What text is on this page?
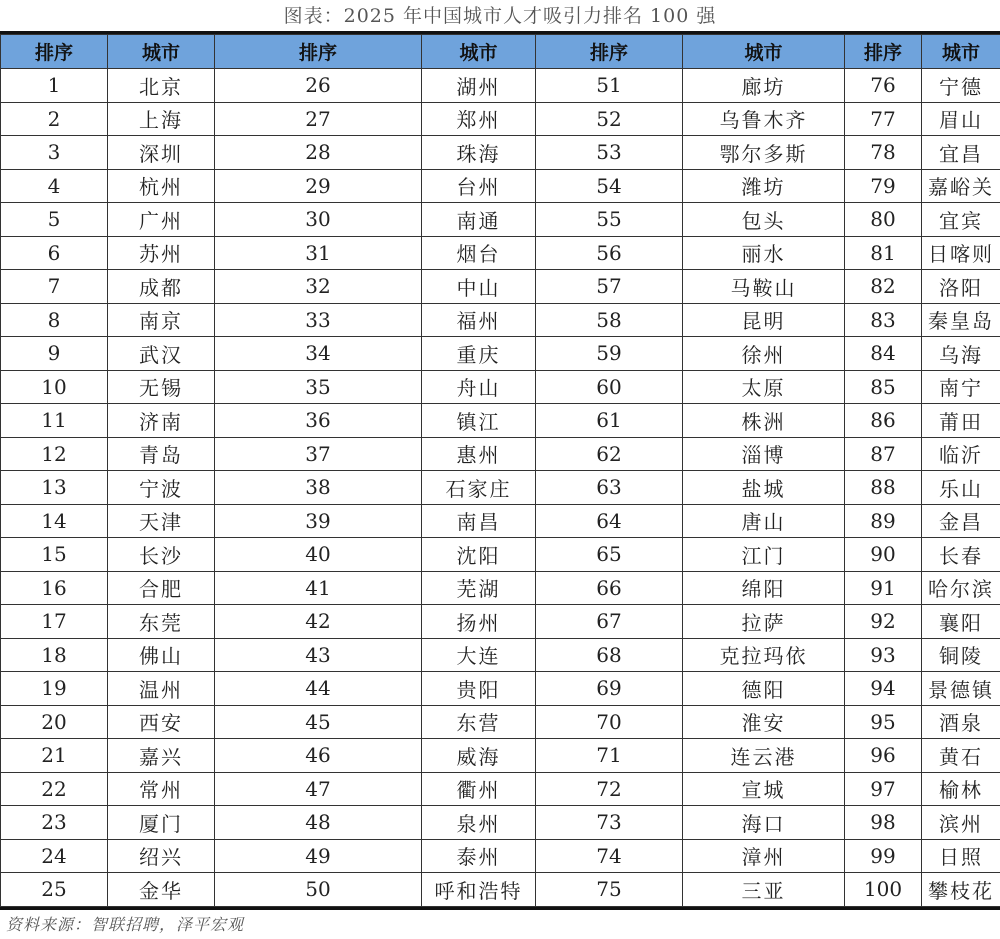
图表：2025 年中国城市人才吸引力排名 100 强
排序	城市	排序	城市	排序	城市	排序	城市
1	北京	26	湖州	51	廊坊	76	宁德
2	上海	27	郑州	52	乌鲁木齐	77	眉山
3	深圳	28	珠海	53	鄂尔多斯	78	宜昌
4	杭州	29	台州	54	潍坊	79	嘉峪关
5	广州	30	南通	55	包头	80	宜宾
6	苏州	31	烟台	56	丽水	81	日喀则
7	成都	32	中山	57	马鞍山	82	洛阳
8	南京	33	福州	58	昆明	83	秦皇岛
9	武汉	34	重庆	59	徐州	84	乌海
10	无锡	35	舟山	60	太原	85	南宁
11	济南	36	镇江	61	株洲	86	莆田
12	青岛	37	惠州	62	淄博	87	临沂
13	宁波	38	石家庄	63	盐城	88	乐山
14	天津	39	南昌	64	唐山	89	金昌
15	长沙	40	沈阳	65	江门	90	长春
16	合肥	41	芜湖	66	绵阳	91	哈尔滨
17	东莞	42	扬州	67	拉萨	92	襄阳
18	佛山	43	大连	68	克拉玛依	93	铜陵
19	温州	44	贵阳	69	德阳	94	景德镇
20	西安	45	东营	70	淮安	95	酒泉
21	嘉兴	46	威海	71	连云港	96	黄石
22	常州	47	衢州	72	宣城	97	榆林
23	厦门	48	泉州	73	海口	98	滨州
24	绍兴	49	泰州	74	漳州	99	日照
25	金华	50	呼和浩特	75	三亚	100	攀枝花
资料来源：智联招聘，泽平宏观
